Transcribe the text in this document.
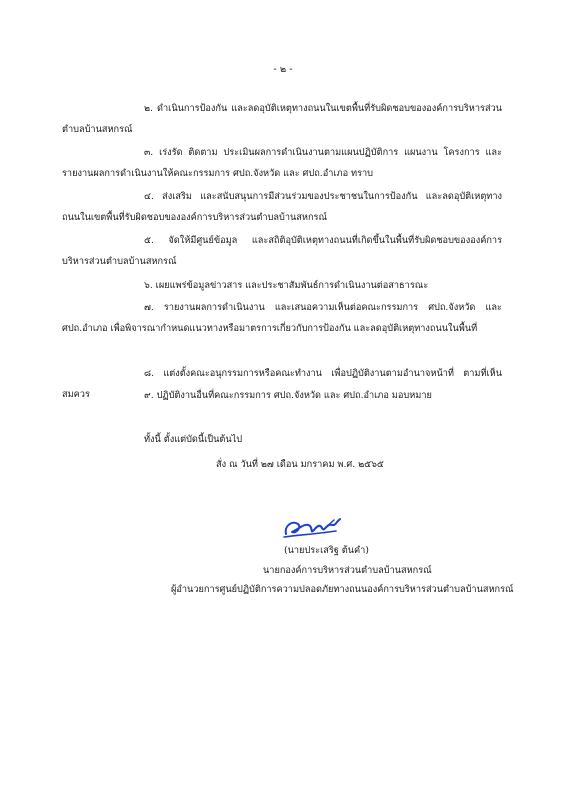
- ๒ -
๒. ดำเนินการป้องกัน และลดอุบัติเหตุทางถนนในเขตพื้นที่รับผิดชอบขององค์การบริหารส่วนตำบลบ้านสหกรณ์
๓. เร่งรัด ติดตาม ประเมินผลการดำเนินงานตามแผนปฏิบัติการ แผนงาน โครงการ และรายงานผลการดำเนินงานให้คณะกรรมการ ศปถ.จังหวัด และ ศปถ.อำเภอ ทราบ
๔. ส่งเสริม และสนับสนุนการมีส่วนร่วมของประชาชนในการป้องกัน และลดอุบัติเหตุทางถนนในเขตพื้นที่รับผิดชอบขององค์การบริหารส่วนตำบลบ้านสหกรณ์
๕. จัดให้มีศูนย์ข้อมูล และสถิติอุบัติเหตุทางถนนที่เกิดขึ้นในพื้นที่รับผิดชอบขององค์การบริหารส่วนตำบลบ้านสหกรณ์
๖. เผยแพร่ข้อมูลข่าวสาร และประชาสัมพันธ์การดำเนินงานต่อสาธารณะ
๗. รายงานผลการดำเนินงาน และเสนอความเห็นต่อคณะกรรมการ ศปถ.จังหวัด และ ศปถ.อำเภอ เพื่อพิจารณากำหนดแนวทางหรือมาตรการเกี่ยวกับการป้องกัน และลดอุบัติเหตุทางถนนในพื้นที่
๘. แต่งตั้งคณะอนุกรรมการหรือคณะทำงาน เพื่อปฏิบัติงานตามอำนาจหน้าที่ ตามที่เห็นสมควร	๙. ปฏิบัติงานอื่นที่คณะกรรมการ ศปถ.จังหวัด และ ศปถ.อำเภอ มอบหมาย
ทั้งนี้ ตั้งแต่บัดนี้เป็นต้นไป
สั่ง ณ วันที่ ๒๗ เดือน มกราคม พ.ศ. ๒๕๖๕
(นายประเสริฐ ต้นคำ)
นายกองค์การบริหารส่วนตำบลบ้านสหกรณ์
ผู้อำนวยการศูนย์ปฏิบัติการความปลอดภัยทางถนนองค์การบริหารส่วนตำบลบ้านสหกรณ์
